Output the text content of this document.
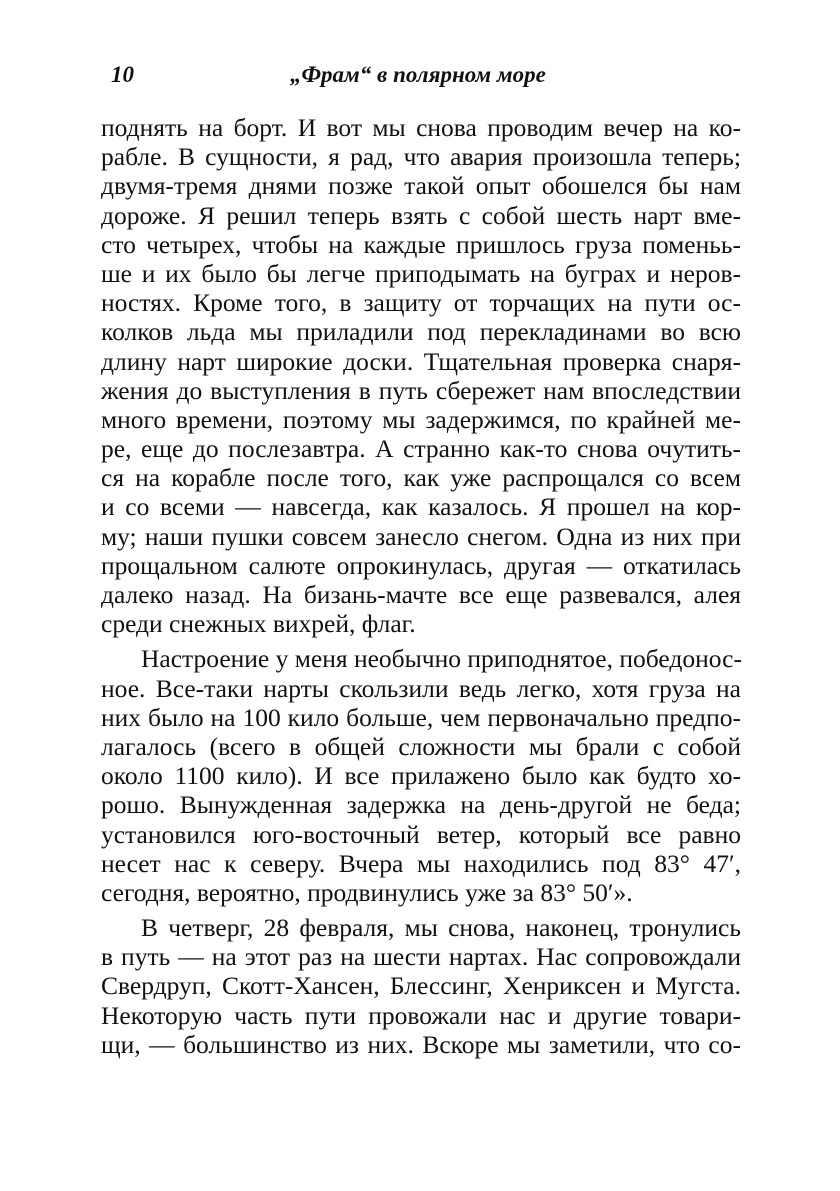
10	„Фрам“ в полярном море
поднять на борт. И вот мы снова проводим вечер на ко-
рабле. В сущности, я рад, что авария произошла теперь;
двумя-тремя днями позже такой опыт обошелся бы нам
дороже. Я решил теперь взять с собой шесть нарт вме-
сто четырех, чтобы на каждые пришлось груза поменьь-
ше и их было бы легче приподымать на буграх и неров-
ностях. Кроме того, в защиту от торчащих на пути ос-
колков льда мы приладили под перекладинами во всю
длину нарт широкие доски. Тщательная проверка снаря-
жения до выступления в путь сбережет нам впоследствии
много времени, поэтому мы задержимся, по крайней ме-
ре, еще до послезавтра. А странно как-то снова очутить-
ся на корабле после того, как уже распрощался со всем
и со всеми — навсегда, как казалось. Я прошел на кор-
му; наши пушки совсем занесло снегом. Одна из них при
прощальном салюте опрокинулась, другая — откатилась
далеко назад. На бизань-мачте все еще развевался, алея
среди снежных вихрей, флаг.
Настроение у меня необычно приподнятое, победонос-
ное. Все-таки нарты скользили ведь легко, хотя груза на
них было на 100 кило больше, чем первоначально предпо-
лагалось (всего в общей сложности мы брали с собой
около 1100 кило). И все прилажено было как будто хо-
рошо. Вынужденная задержка на день-другой не беда;
установился юго-восточный ветер, который все равно
несет нас к северу. Вчера мы находились под 83° 47′,
сегодня, вероятно, продвинулись уже за 83° 50′».
В четверг, 28 февраля, мы снова, наконец, тронулись
в путь — на этот раз на шести нартах. Нас сопровождали
Свердруп, Скотт-Хансен, Блессинг, Хенриксен и Мугста.
Некоторую часть пути провожали нас и другие товари-
щи, — большинство из них. Вскоре мы заметили, что со-
